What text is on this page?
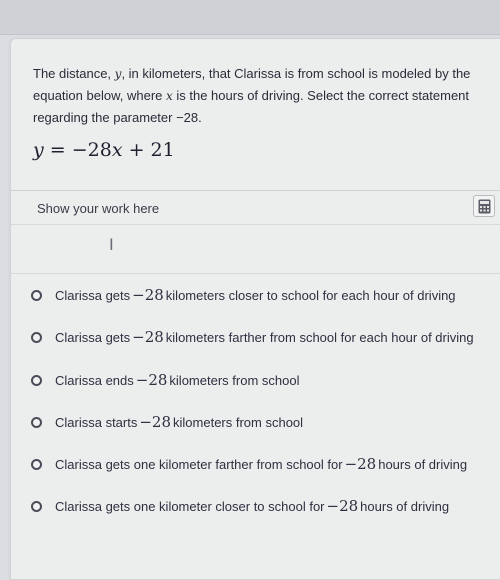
The distance, y, in kilometers, that Clarissa is from school is modeled by the equation below, where x is the hours of driving. Select the correct statement regarding the parameter −28.
y = −28x + 21
Show your work here
I
Clarissa gets −28 kilometers closer to school for each hour of driving
Clarissa gets −28 kilometers farther from school for each hour of driving
Clarissa ends −28 kilometers from school
Clarissa starts −28 kilometers from school
Clarissa gets one kilometer farther from school for −28 hours of driving
Clarissa gets one kilometer closer to school for −28 hours of driving
